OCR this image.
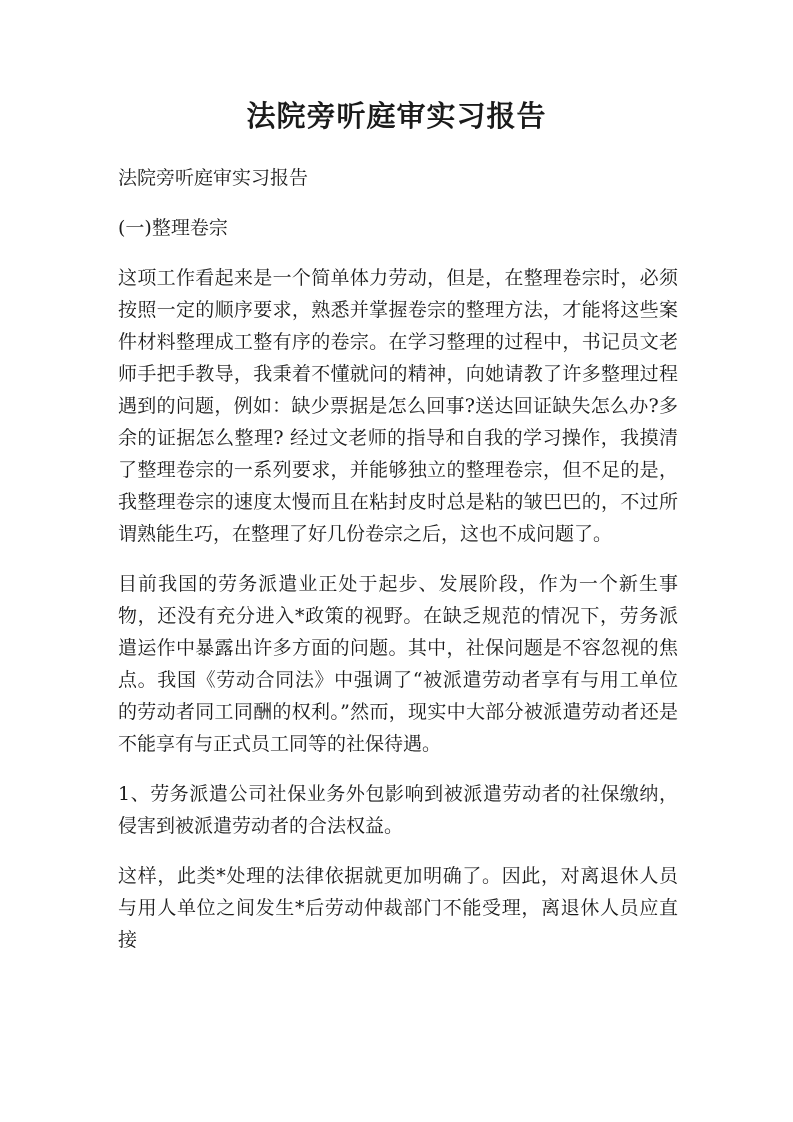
法院旁听庭审实习报告

法院旁听庭审实习报告

(一)整理卷宗

这项工作看起来是一个简单体力劳动，但是，在整理卷宗时，必须按照一定的顺序要求，熟悉并掌握卷宗的整理方法，才能将这些案件材料整理成工整有序的卷宗。在学习整理的过程中，书记员文老师手把手教导，我秉着不懂就问的精神，向她请教了许多整理过程遇到的问题，例如：缺少票据是怎么回事?送达回证缺失怎么办?多余的证据怎么整理? 经过文老师的指导和自我的学习操作，我摸清了整理卷宗的一系列要求，并能够独立的整理卷宗，但不足的是，我整理卷宗的速度太慢而且在粘封皮时总是粘的皱巴巴的，不过所谓熟能生巧，在整理了好几份卷宗之后，这也不成问题了。

目前我国的劳务派遣业正处于起步、发展阶段，作为一个新生事物，还没有充分进入*政策的视野。在缺乏规范的情况下，劳务派遣运作中暴露出许多方面的问题。其中，社保问题是不容忽视的焦点。我国《劳动合同法》中强调了“被派遣劳动者享有与用工单位的劳动者同工同酬的权利。”然而，现实中大部分被派遣劳动者还是不能享有与正式员工同等的社保待遇。

1、劳务派遣公司社保业务外包影响到被派遣劳动者的社保缴纳，侵害到被派遣劳动者的合法权益。

这样，此类*处理的法律依据就更加明确了。因此，对离退休人员与用人单位之间发生*后劳动仲裁部门不能受理，离退休人员应直接
